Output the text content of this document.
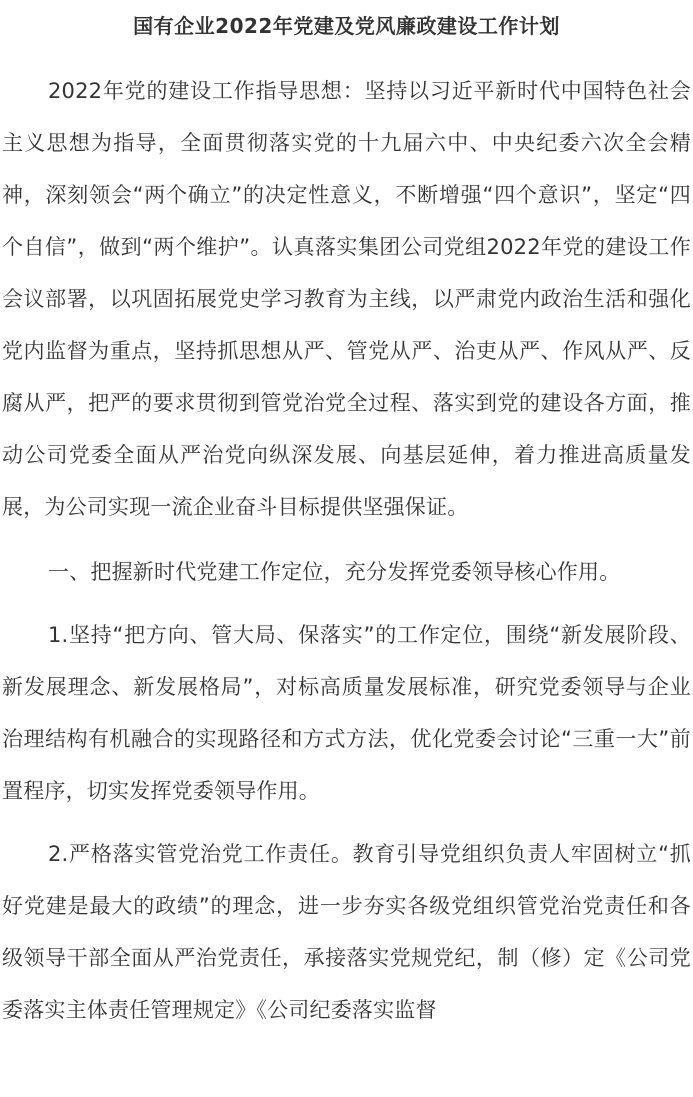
国有企业2022年党建及党风廉政建设工作计划

2022年党的建设工作指导思想：坚持以习近平新时代中国特色社会主义思想为指导，全面贯彻落实党的十九届六中、中央纪委六次全会精神，深刻领会“两个确立”的决定性意义，不断增强“四个意识”，坚定“四个自信”，做到“两个维护”。认真落实集团公司党组2022年党的建设工作会议部署，以巩固拓展党史学习教育为主线，以严肃党内政治生活和强化党内监督为重点，坚持抓思想从严、管党从严、治吏从严、作风从严、反腐从严，把严的要求贯彻到管党治党全过程、落实到党的建设各方面，推动公司党委全面从严治党向纵深发展、向基层延伸，着力推进高质量发展，为公司实现一流企业奋斗目标提供坚强保证。

一、把握新时代党建工作定位，充分发挥党委领导核心作用。

1.坚持“把方向、管大局、保落实”的工作定位，围绕“新发展阶段、新发展理念、新发展格局”，对标高质量发展标准，研究党委领导与企业治理结构有机融合的实现路径和方式方法，优化党委会讨论“三重一大”前置程序，切实发挥党委领导作用。

2.严格落实管党治党工作责任。教育引导党组织负责人牢固树立“抓好党建是最大的政绩”的理念，进一步夯实各级党组织管党治党责任和各级领导干部全面从严治党责任，承接落实党规党纪，制（修）定《公司党委落实主体责任管理规定》《公司纪委落实监督
